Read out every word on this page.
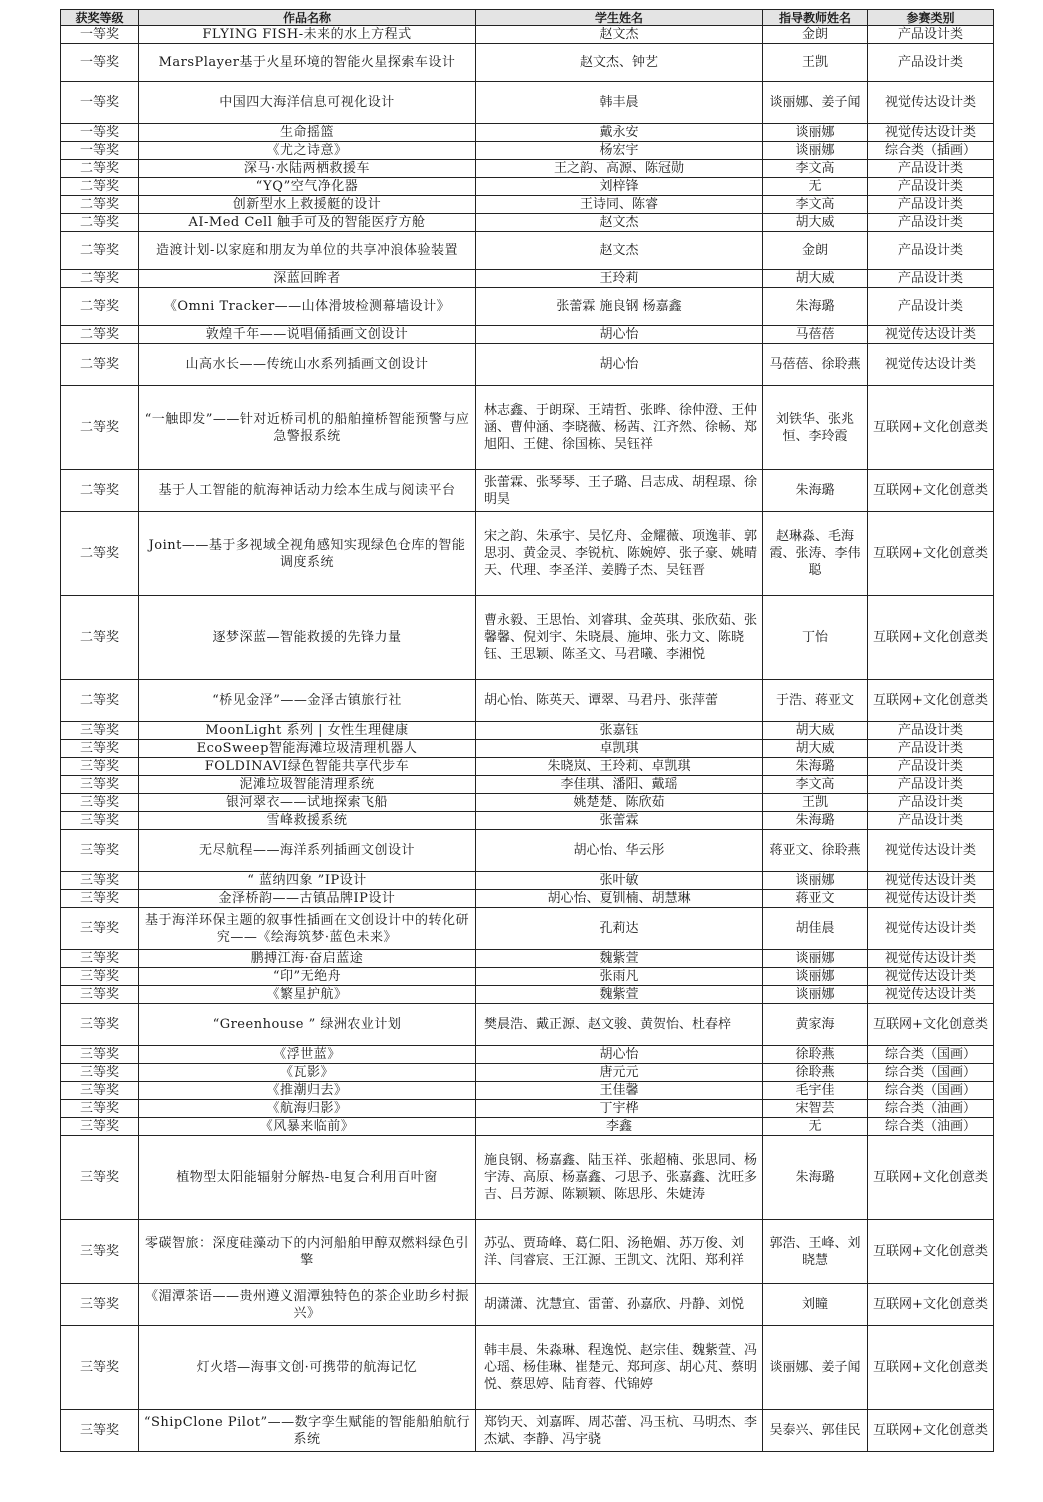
获奖等级	作品名称	学生姓名	指导教师姓名	参赛类别
一等奖	FLYING FISH-未来的水上方程式	赵文杰	金朗	产品设计类
一等奖	MarsPlayer基于火星环境的智能火星探索车设计	赵文杰、钟艺	王凯	产品设计类
一等奖	中国四大海洋信息可视化设计	韩丰晨	谈丽娜、姜子闻	视觉传达设计类
一等奖	生命摇篮	戴永安	谈丽娜	视觉传达设计类
一等奖	《尤之诗意》	杨宏宇	谈丽娜	综合类（插画）
二等奖	深马·水陆两栖救援车	王之韵、高源、陈冠勋	李文高	产品设计类
二等奖	“YQ”空气净化器	刘梓锋	无	产品设计类
二等奖	创新型水上救援艇的设计	王诗同、陈睿	李文高	产品设计类
二等奖	AI-Med Cell 触手可及的智能医疗方舱	赵文杰	胡大威	产品设计类
二等奖	造渡计划-以家庭和朋友为单位的共享冲浪体验装置	赵文杰	金朗	产品设计类
二等奖	深蓝回眸者	王玲莉	胡大威	产品设计类
二等奖	《Omni Tracker——山体滑坡检测幕墙设计》	张蕾霖 施良钢 杨嘉鑫	朱海璐	产品设计类
二等奖	敦煌千年——说唱俑插画文创设计	胡心怡	马蓓蓓	视觉传达设计类
二等奖	山高水长——传统山水系列插画文创设计	胡心怡	马蓓蓓、徐聆燕	视觉传达设计类
二等奖	“一触即发”——针对近桥司机的船舶撞桥智能预警与应急警报系统	林志鑫、于朗琛、王靖哲、张晔、徐仲澄、王仲涵、曹仲涵、李晓薇、杨茜、江齐然、徐畅、郑旭阳、王健、徐国栋、吴钰祥	刘铁华、张兆恒、李玲霞	互联网+文化创意类
二等奖	基于人工智能的航海神话动力绘本生成与阅读平台	张蕾霖、张琴琴、王子璐、吕志成、胡程璟、徐明昊	朱海璐	互联网+文化创意类
二等奖	Joint——基于多视域全视角感知实现绿色仓库的智能调度系统	宋之韵、朱承宇、吴忆舟、金耀薇、项逸菲、郭思羽、黄金灵、李锐杭、陈婉婷、张子豪、姚晴天、代理、李圣洋、姜腾子杰、吴钰晋	赵琳淼、毛海霞、张涛、李伟聪	互联网+文化创意类
二等奖	逐梦深蓝—智能救援的先锋力量	曹永毅、王思怡、刘睿琪、金英琪、张欣茹、张馨馨、倪刘宇、朱晓晨、施坤、张力文、陈晓钰、王思颖、陈圣文、马君曦、李湘悦	丁怡	互联网+文化创意类
二等奖	“桥见金泽”——金泽古镇旅行社	胡心怡、陈英天、谭翠、马君丹、张萍蕾	于浩、蒋亚文	互联网+文化创意类
三等奖	MoonLight 系列 | 女性生理健康	张嘉钰	胡大威	产品设计类
三等奖	EcoSweep智能海滩垃圾清理机器人	卓凯琪	胡大威	产品设计类
三等奖	FOLDINAVI绿色智能共享代步车	朱晓岚、王玲莉、卓凯琪	朱海璐	产品设计类
三等奖	泥滩垃圾智能清理系统	李佳琪、潘阳、戴瑶	李文高	产品设计类
三等奖	银河翠衣——试地探索飞船	姚楚楚、陈欣茹	王凯	产品设计类
三等奖	雪峰救援系统	张蕾霖	朱海璐	产品设计类
三等奖	无尽航程——海洋系列插画文创设计	胡心怡、华云彤	蒋亚文、徐聆燕	视觉传达设计类
三等奖	“ 蓝纳四象 ”IP设计	张叶敏	谈丽娜	视觉传达设计类
三等奖	金泽桥韵——古镇品牌IP设计	胡心怡、夏钏楠、胡慧琳	蒋亚文	视觉传达设计类
三等奖	基于海洋环保主题的叙事性插画在文创设计中的转化研究——《绘海筑梦·蓝色未来》	孔莉达	胡佳晨	视觉传达设计类
三等奖	鹏搏江海·奋启蓝途	魏紫萱	谈丽娜	视觉传达设计类
三等奖	“印”无绝舟	张雨凡	谈丽娜	视觉传达设计类
三等奖	《繁星护航》	魏紫萱	谈丽娜	视觉传达设计类
三等奖	“Greenhouse ” 绿洲农业计划	樊晨浩、戴正源、赵文骏、黄贺怡、杜春梓	黄家海	互联网+文化创意类
三等奖	《浮世蓝》	胡心怡	徐聆燕	综合类（国画）
三等奖	《瓦影》	唐元元	徐聆燕	综合类（国画）
三等奖	《推潮归去》	王佳馨	毛宇佳	综合类（国画）
三等奖	《航海归影》	丁宇桦	宋智芸	综合类（油画）
三等奖	《风暴来临前》	李鑫	无	综合类（油画）
三等奖	植物型太阳能辐射分解热-电复合利用百叶窗	施良钢、杨嘉鑫、陆玉祥、张超楠、张思同、杨宇涛、高原、杨嘉鑫、刁思予、张嘉鑫、沈旺多吉、吕芳源、陈颖颖、陈思彤、朱婕涛	朱海璐	互联网+文化创意类
三等奖	零碳智旅：深度硅藻动下的内河船舶甲醇双燃料绿色引擎	苏弘、贾琦峰、葛仁阳、汤艳媚、苏万俊、刘洋、闫睿宸、王江源、王凯文、沈阳、郑利祥	郭浩、王峰、刘晓慧	互联网+文化创意类
三等奖	《湄潭茶语——贵州遵义湄潭独特色的茶企业助乡村振兴》	胡潇潇、沈慧宜、雷蕾、孙嘉欣、丹静、刘悦	刘瞳	互联网+文化创意类
三等奖	灯火塔—海事文创·可携带的航海记忆	韩丰晨、朱淼琳、程逸悦、赵宗佳、魏紫萱、冯心瑶、杨佳琳、崔楚元、郑珂彦、胡心芃、蔡明悦、蔡思婷、陆育蓉、代锦婷	谈丽娜、姜子闻	互联网+文化创意类
三等奖	“ShipClone Pilot”——数字孪生赋能的智能船舶航行系统	郑钧天、刘嘉晖、周芯蕾、冯玉杭、马明杰、李杰斌、李静、冯宇骁	吴泰兴、郭佳民	互联网+文化创意类
